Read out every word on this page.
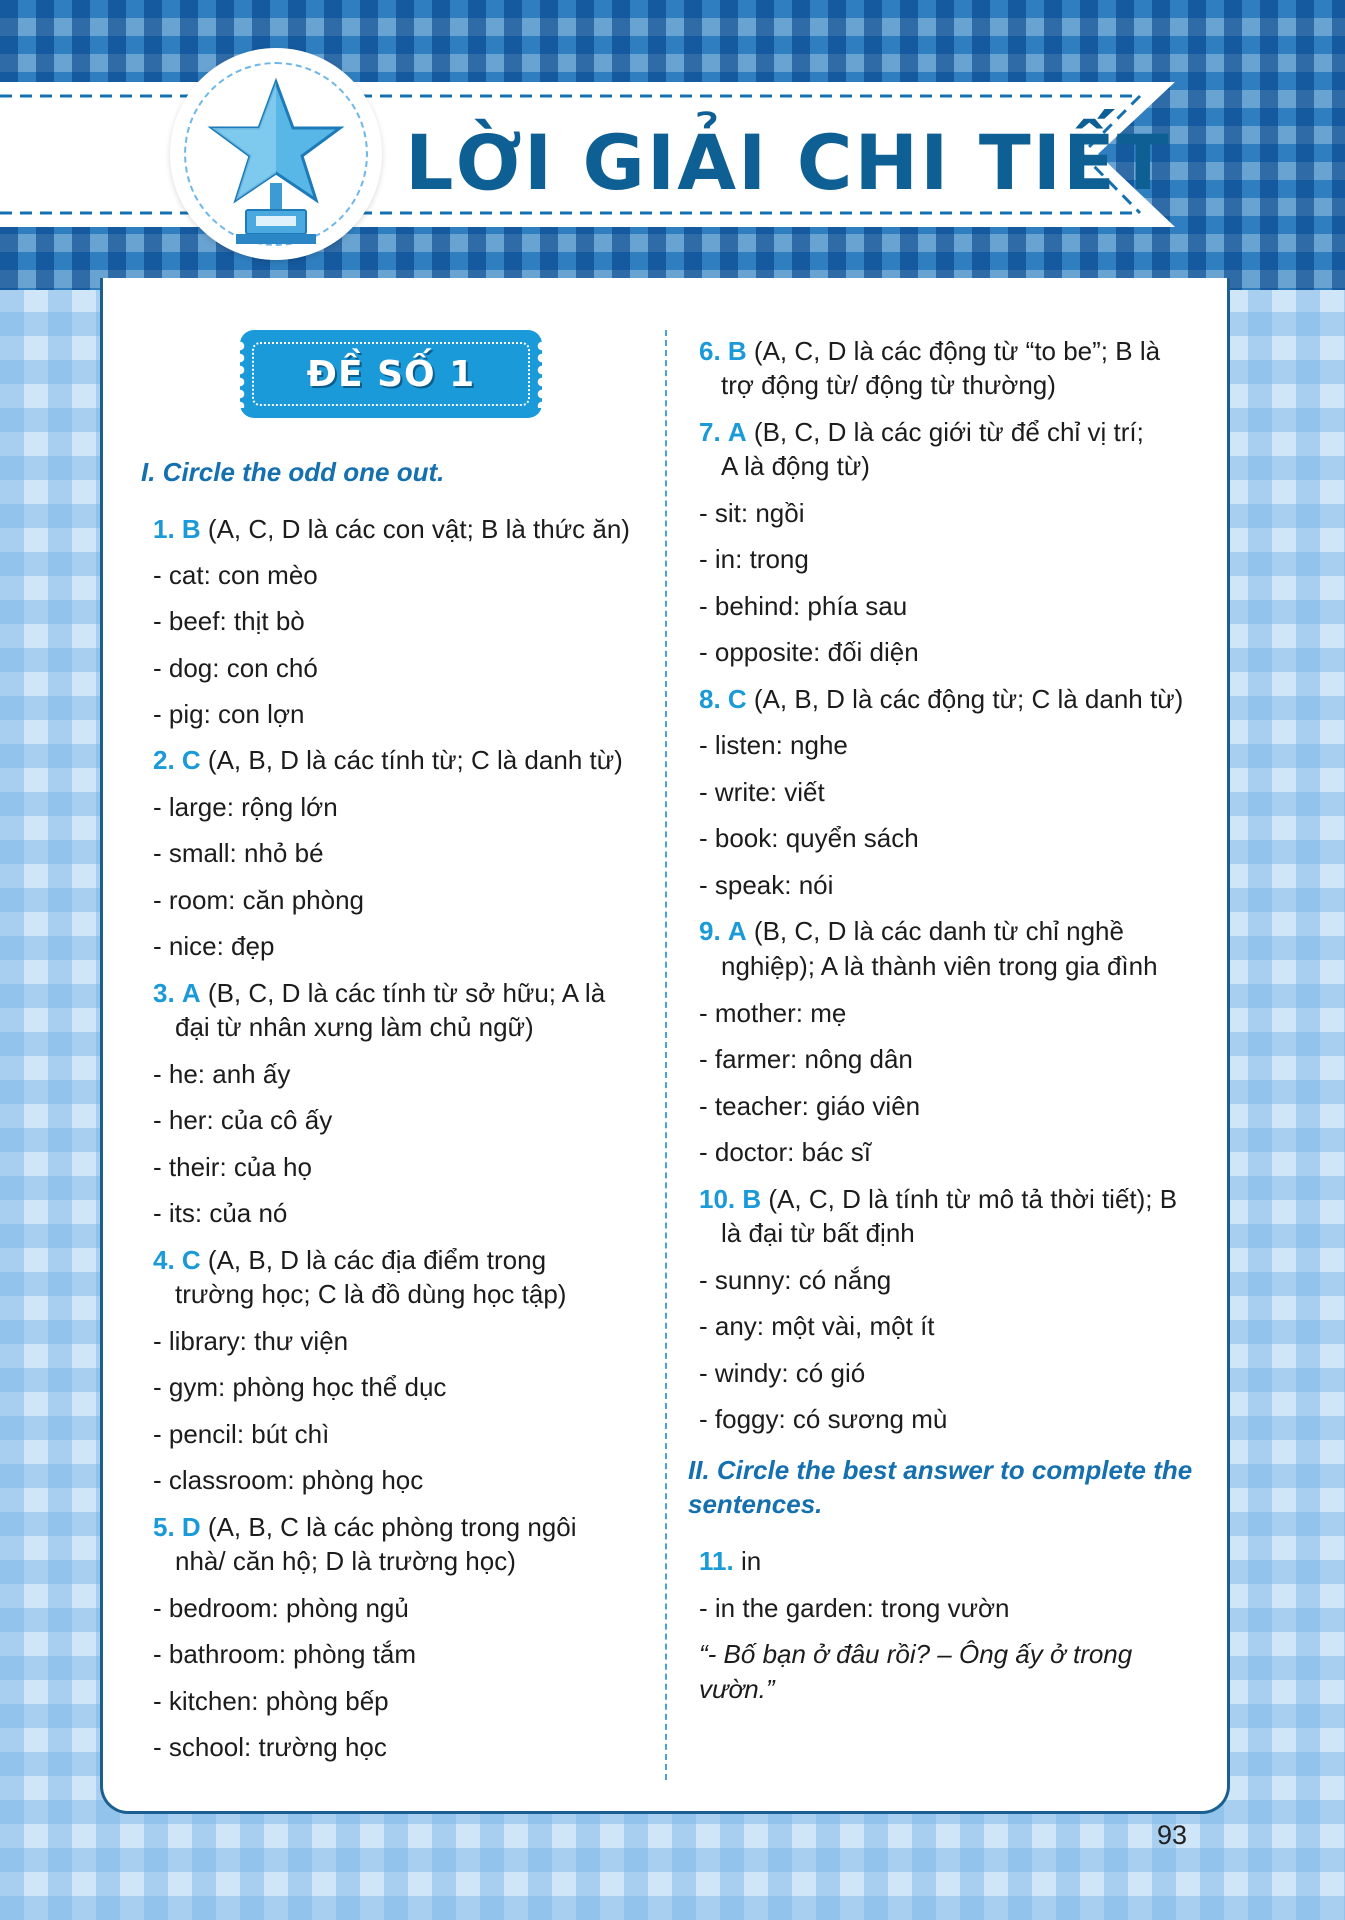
LỜI GIẢI CHI TIẾT
ĐỀ SỐ 1
I. Circle the odd one out.
1. B (A, C, D là các con vật; B là thức ăn)
- cat: con mèo
- beef: thịt bò
- dog: con chó
- pig: con lợn
2. C (A, B, D là các tính từ; C là danh từ)
- large: rộng lớn
- small: nhỏ bé
- room: căn phòng
- nice: đẹp
3. A (B, C, D là các tính từ sở hữu; A là
đại từ nhân xưng làm chủ ngữ)
- he: anh ấy
- her: của cô ấy
- their: của họ
- its: của nó
4. C (A, B, D là các địa điểm trong
trường học; C là đồ dùng học tập)
- library: thư viện
- gym: phòng học thể dục
- pencil: bút chì
- classroom: phòng học
5. D (A, B, C là các phòng trong ngôi
nhà/ căn hộ; D là trường học)
- bedroom: phòng ngủ
- bathroom: phòng tắm
- kitchen: phòng bếp
- school: trường học
6. B (A, C, D là các động từ “to be”; B là
trợ động từ/ động từ thường)
7. A (B, C, D là các giới từ để chỉ vị trí;
A là động từ)
- sit: ngồi
- in: trong
- behind: phía sau
- opposite: đối diện
8. C (A, B, D là các động từ; C là danh từ)
- listen: nghe
- write: viết
- book: quyển sách
- speak: nói
9. A (B, C, D là các danh từ chỉ nghề
nghiệp); A là thành viên trong gia đình
- mother: mẹ
- farmer: nông dân
- teacher: giáo viên
- doctor: bác sĩ
10. B (A, C, D là tính từ mô tả thời tiết); B
là đại từ bất định
- sunny: có nắng
- any: một vài, một ít
- windy: có gió
- foggy: có sương mù
II. Circle the best answer to complete the
sentences.
11. in
- in the garden: trong vườn
“- Bố bạn ở đâu rồi? – Ông ấy ở trong
vườn.”
93
